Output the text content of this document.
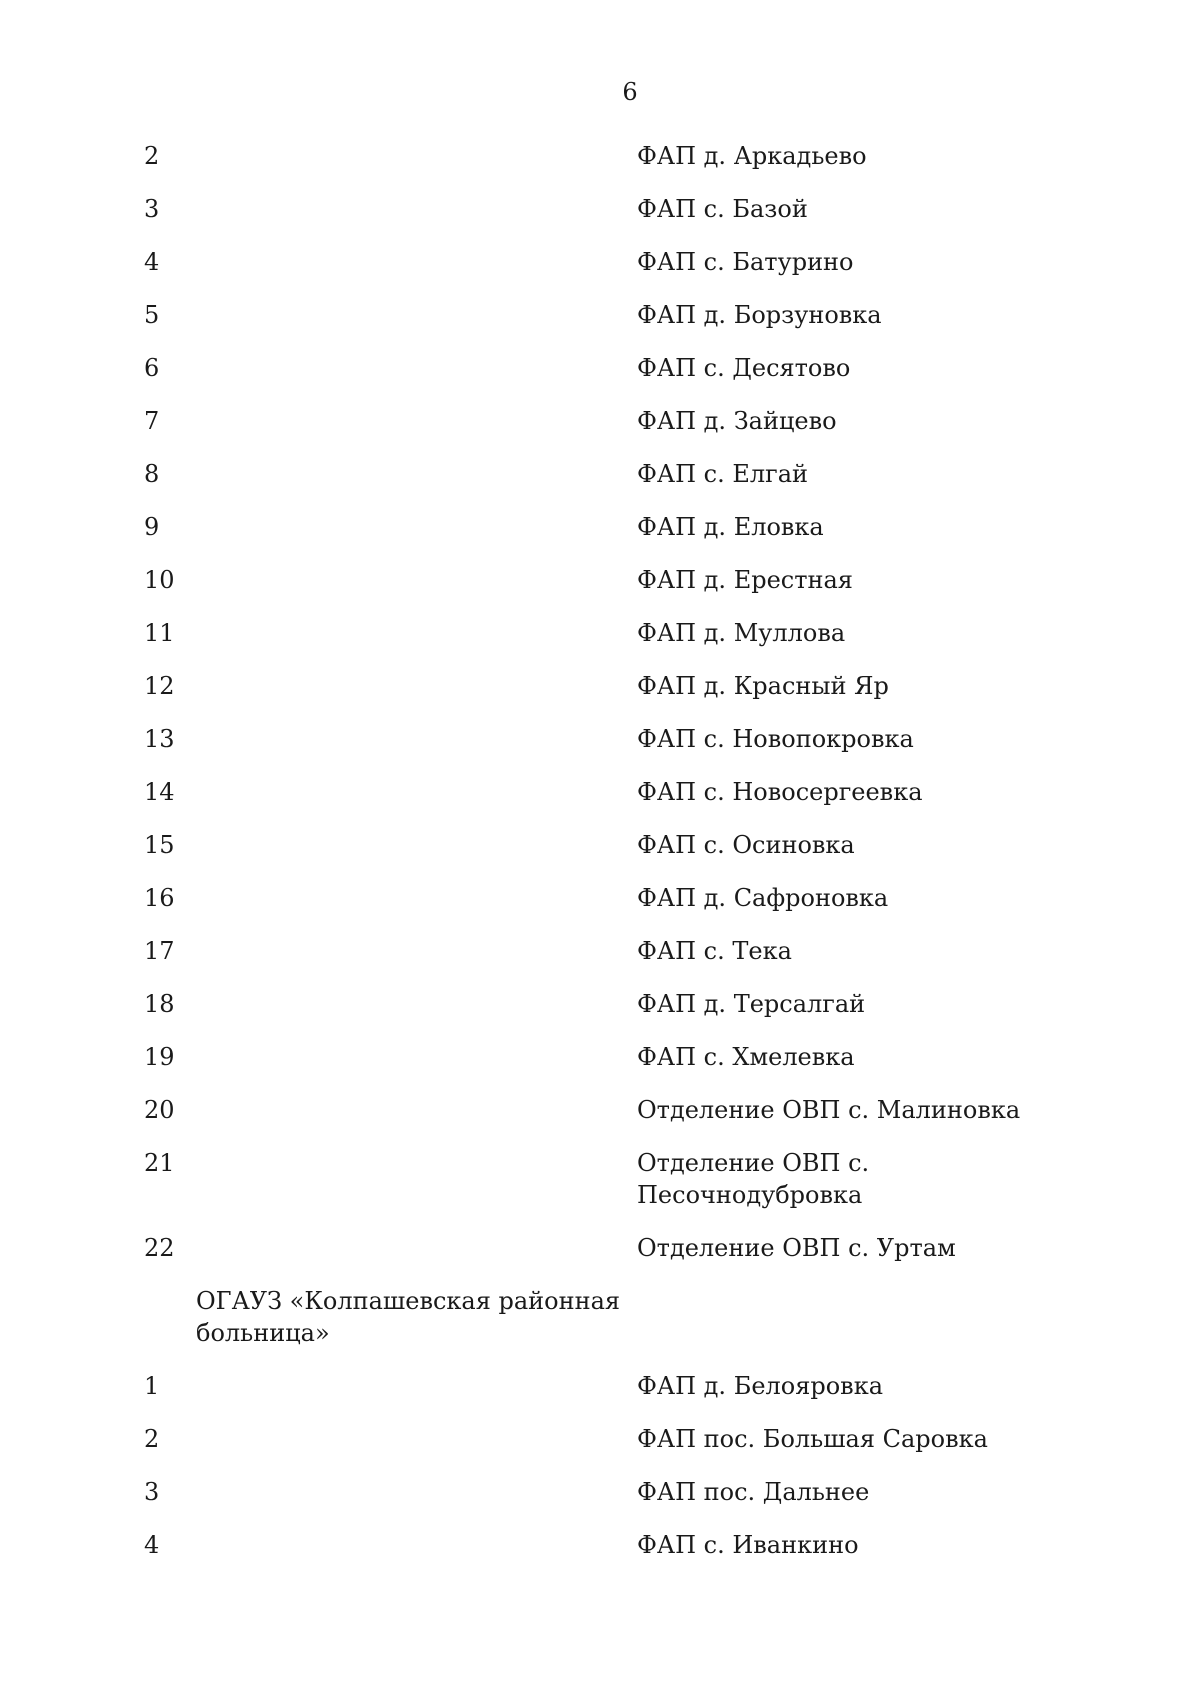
6
2	ФАП д. Аркадьево
3	ФАП с. Базой
4	ФАП с. Батурино
5	ФАП д. Борзуновка
6	ФАП с. Десятово
7	ФАП д. Зайцево
8	ФАП с. Елгай
9	ФАП д. Еловка
10	ФАП д. Ерестная
11	ФАП д. Муллова
12	ФАП д. Красный Яр
13	ФАП с. Новопокровка
14	ФАП с. Новосергеевка
15	ФАП с. Осиновка
16	ФАП д. Сафроновка
17	ФАП с. Тека
18	ФАП д. Терсалгай
19	ФАП с. Хмелевка
20	Отделение ОВП с. Малиновка
21	Отделение ОВП с. Песочнодубровка
22	Отделение ОВП с. Уртам
ОГАУЗ «Колпашевская районная больница»
1	ФАП д. Белояровка
2	ФАП пос. Большая Саровка
3	ФАП пос. Дальнее
4	ФАП с. Иванкино
